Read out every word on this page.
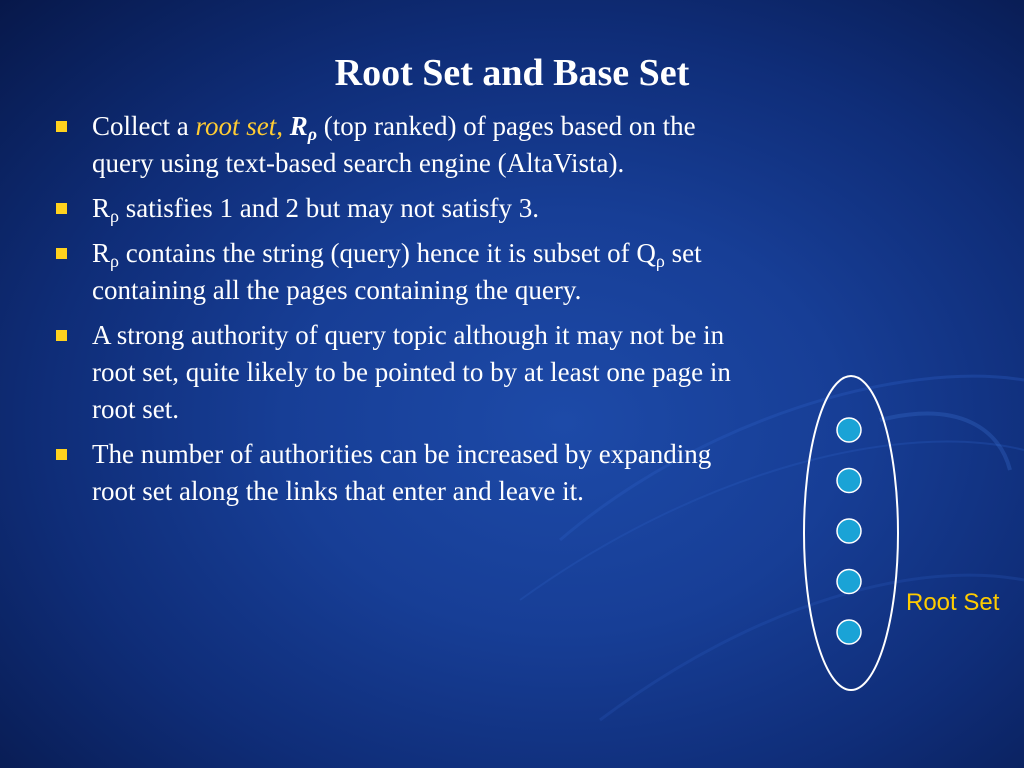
Root Set and Base Set
Collect a root set, $R_\rho$ (top ranked) of pages based on the query using text-based search engine (AltaVista).
$R_\rho$ satisfies 1 and 2 but may not satisfy 3.
$R_\rho$ contains the string (query) hence it is subset of $Q_\rho$ set containing all the pages containing the query.
A strong authority of query topic although it may not be in root set, quite likely to be pointed to by at least one page in root set.
The number of authorities can be increased by expanding root set along the links that enter and leave it.
Root Set
